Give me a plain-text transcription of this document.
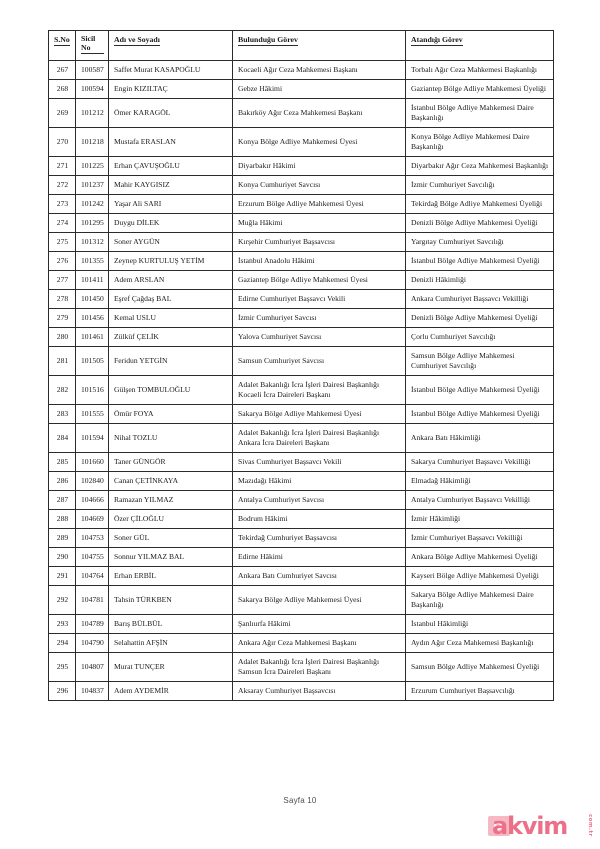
S.No	Sicil No	Adı ve Soyadı	Bulunduğu Görev	Atandığı Görev
267	100587	Saffet Murat KASAPOĞLU	Kocaeli Ağır Ceza Mahkemesi Başkanı	Torbalı Ağır Ceza Mahkemesi Başkanlığı
268	100594	Engin KIZILTAÇ	Gebze Hâkimi	Gaziantep Bölge Adliye Mahkemesi Üyeliği
269	101212	Ömer KARAGÖL	Bakırköy Ağır Ceza Mahkemesi Başkanı	İstanbul Bölge Adliye Mahkemesi Daire Başkanlığı
270	101218	Mustafa ERASLAN	Konya Bölge Adliye Mahkemesi Üyesi	Konya Bölge Adliye Mahkemesi Daire Başkanlığı
271	101225	Erhan ÇAVUŞOĞLU	Diyarbakır Hâkimi	Diyarbakır Ağır Ceza Mahkemesi Başkanlığı
272	101237	Mahir KAYGISIZ	Konya Cumhuriyet Savcısı	İzmir Cumhuriyet Savcılığı
273	101242	Yaşar Ali SARI	Erzurum Bölge Adliye Mahkemesi Üyesi	Tekirdağ Bölge Adliye Mahkemesi Üyeliği
274	101295	Duygu DİLEK	Muğla Hâkimi	Denizli Bölge Adliye Mahkemesi Üyeliği
275	101312	Soner AYGÜN	Kırşehir Cumhuriyet Başsavcısı	Yargıtay Cumhuriyet Savcılığı
276	101355	Zeynep KURTULUŞ YETİM	İstanbul Anadolu Hâkimi	İstanbul Bölge Adliye Mahkemesi Üyeliği
277	101411	Adem ARSLAN	Gaziantep Bölge Adliye Mahkemesi Üyesi	Denizli Hâkimliği
278	101450	Eşref Çağdaş BAL	Edirne Cumhuriyet Başsavcı Vekili	Ankara Cumhuriyet Başsavcı Vekilliği
279	101456	Kemal USLU	İzmir Cumhuriyet Savcısı	Denizli Bölge Adliye Mahkemesi Üyeliği
280	101461	Zülküf ÇELİK	Yalova Cumhuriyet Savcısı	Çorlu Cumhuriyet Savcılığı
281	101505	Feridun YETGİN	Samsun Cumhuriyet Savcısı	Samsun Bölge Adliye Mahkemesi Cumhuriyet Savcılığı
282	101516	Gülşen TOMBULOĞLU	Adalet Bakanlığı İcra İşleri Dairesi Başkanlığı Kocaeli İcra Daireleri Başkanı	İstanbul Bölge Adliye Mahkemesi Üyeliği
283	101555	Ömür FOYA	Sakarya Bölge Adliye Mahkemesi Üyesi	İstanbul Bölge Adliye Mahkemesi Üyeliği
284	101594	Nihal TOZLU	Adalet Bakanlığı İcra İşleri Dairesi Başkanlığı Ankara İcra Daireleri Başkanı	Ankara Batı Hâkimliği
285	101660	Taner GÜNGÖR	Sivas Cumhuriyet Başsavcı Vekili	Sakarya Cumhuriyet Başsavcı Vekilliği
286	102840	Canan ÇETİNKAYA	Mazıdağı Hâkimi	Elmadağ Hâkimliği
287	104666	Ramazan YILMAZ	Antalya Cumhuriyet Savcısı	Antalya Cumhuriyet Başsavcı Vekilliği
288	104669	Özer ÇİLOĞLU	Bodrum Hâkimi	İzmir Hâkimliği
289	104753	Soner GÜL	Tekirdağ Cumhuriyet Başsavcısı	İzmir Cumhuriyet Başsavcı Vekilliği
290	104755	Sonnur YILMAZ BAL	Edirne Hâkimi	Ankara Bölge Adliye Mahkemesi Üyeliği
291	104764	Erhan ERBİL	Ankara Batı Cumhuriyet Savcısı	Kayseri Bölge Adliye Mahkemesi Üyeliği
292	104781	Tahsin TÜRKBEN	Sakarya Bölge Adliye Mahkemesi Üyesi	Sakarya Bölge Adliye Mahkemesi Daire Başkanlığı
293	104789	Barış BÜLBÜL	Şanlıurfa Hâkimi	İstanbul Hâkimliği
294	104790	Selahattin AFŞİN	Ankara Ağır Ceza Mahkemesi Başkanı	Aydın Ağır Ceza Mahkemesi Başkanlığı
295	104807	Murat TUNÇER	Adalet Bakanlığı İcra İşleri Dairesi Başkanlığı Samsun İcra Daireleri Başkanı	Samsun Bölge Adliye Mahkemesi Üyeliği
296	104837	Adem AYDEMİR	Aksaray Cumhuriyet Başsavcısı	Erzurum Cumhuriyet Başsavcılığı
Sayfa 10
akvim	com.tr
